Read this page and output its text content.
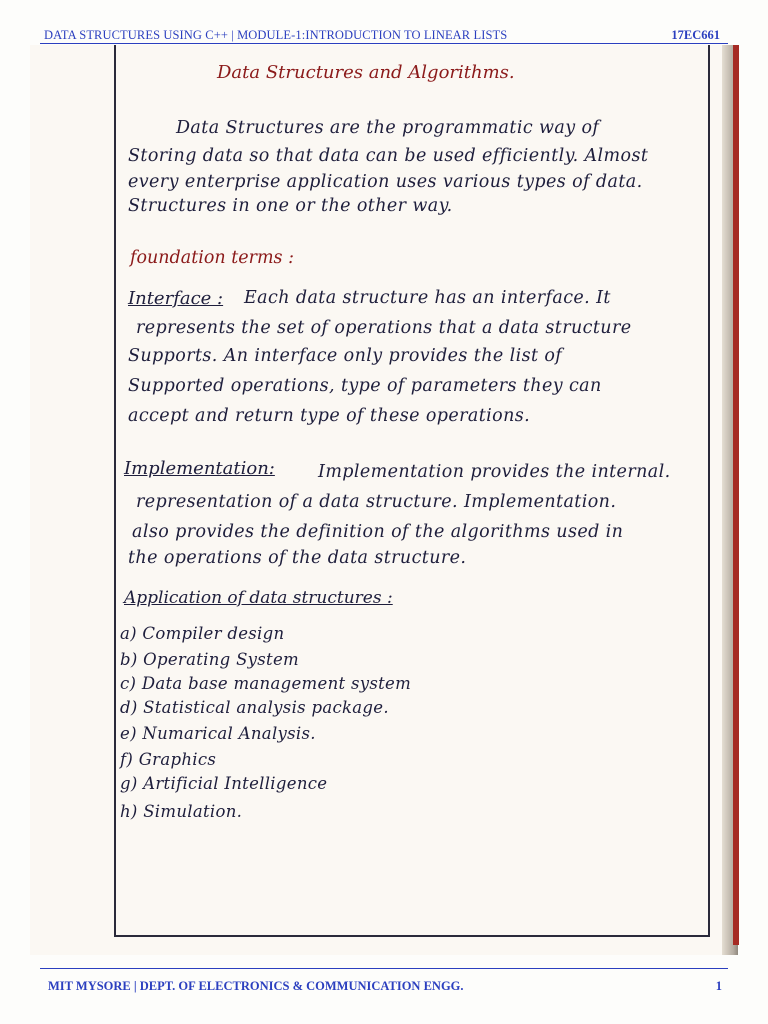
DATA STRUCTURES USING C++ | MODULE-1:INTRODUCTION TO LINEAR LISTS	17EC661
Data Structures and Algorithms.
Data Structures are the programmatic way of
Storing data so that data can be used efficiently. Almost
every enterprise application uses various types of data.
Structures in one or the other way.
foundation terms :
Interface : Each data structure has an interface. It
represents the set of operations that a data structure
Supports. An interface only provides the list of
Supported operations, type of parameters they can
accept and return type of these operations.
Implementation: Implementation provides the internal.
representation of a data structure. Implementation.
also provides the definition of the algorithms used in
the operations of the data structure.
Application of data structures :
a) Compiler design
b) Operating System
c) Data base management system
d) Statistical analysis package.
e) Numarical Analysis.
f) Graphics
g) Artificial Intelligence
h) Simulation.
MIT MYSORE | DEPT. OF ELECTRONICS & COMMUNICATION ENGG.	1
